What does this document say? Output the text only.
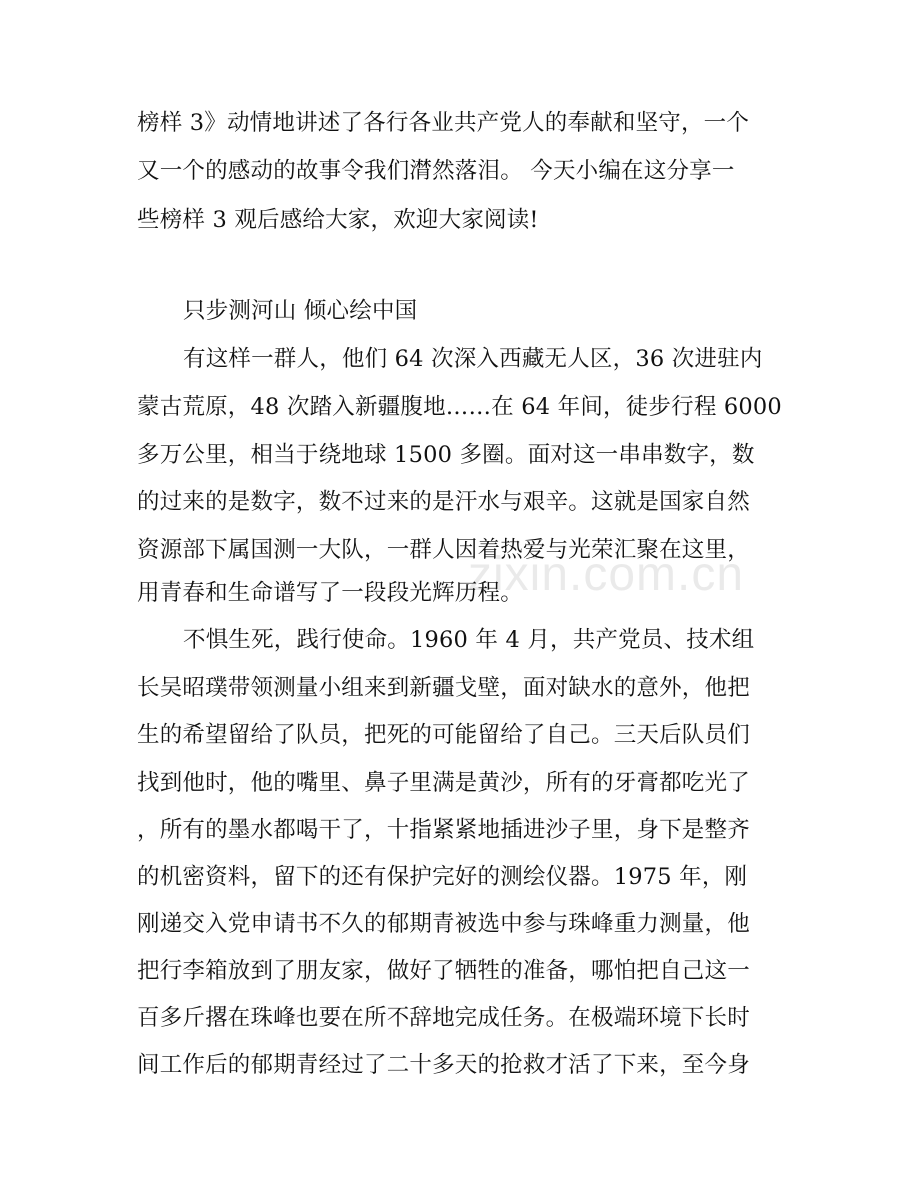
榜样 3》动情地讲述了各行各业共产党人的奉献和坚守，一个
又一个的感动的故事令我们潸然落泪。 今天小编在这分享一
些榜样 3 观后感给大家，欢迎大家阅读!
只步测河山 倾心绘中国
有这样一群人，他们 64 次深入西藏无人区，36 次进驻内
蒙古荒原，48 次踏入新疆腹地……在 64 年间，徒步行程 6000
多万公里，相当于绕地球 1500 多圈。面对这一串串数字，数
的过来的是数字，数不过来的是汗水与艰辛。这就是国家自然
资源部下属国测一大队，一群人因着热爱与光荣汇聚在这里，
用青春和生命谱写了一段段光辉历程。
不惧生死，践行使命。1960 年 4 月，共产党员、技术组
长吴昭璞带领测量小组来到新疆戈壁，面对缺水的意外，他把
生的希望留给了队员，把死的可能留给了自己。三天后队员们
找到他时，他的嘴里、鼻子里满是黄沙，所有的牙膏都吃光了
，所有的墨水都喝干了，十指紧紧地插进沙子里，身下是整齐
的机密资料，留下的还有保护完好的测绘仪器。1975 年，刚
刚递交入党申请书不久的郁期青被选中参与珠峰重力测量，他
把行李箱放到了朋友家，做好了牺牲的准备，哪怕把自己这一
百多斤撂在珠峰也要在所不辞地完成任务。在极端环境下长时
间工作后的郁期青经过了二十多天的抢救才活了下来，至今身
zixin.com.cn
